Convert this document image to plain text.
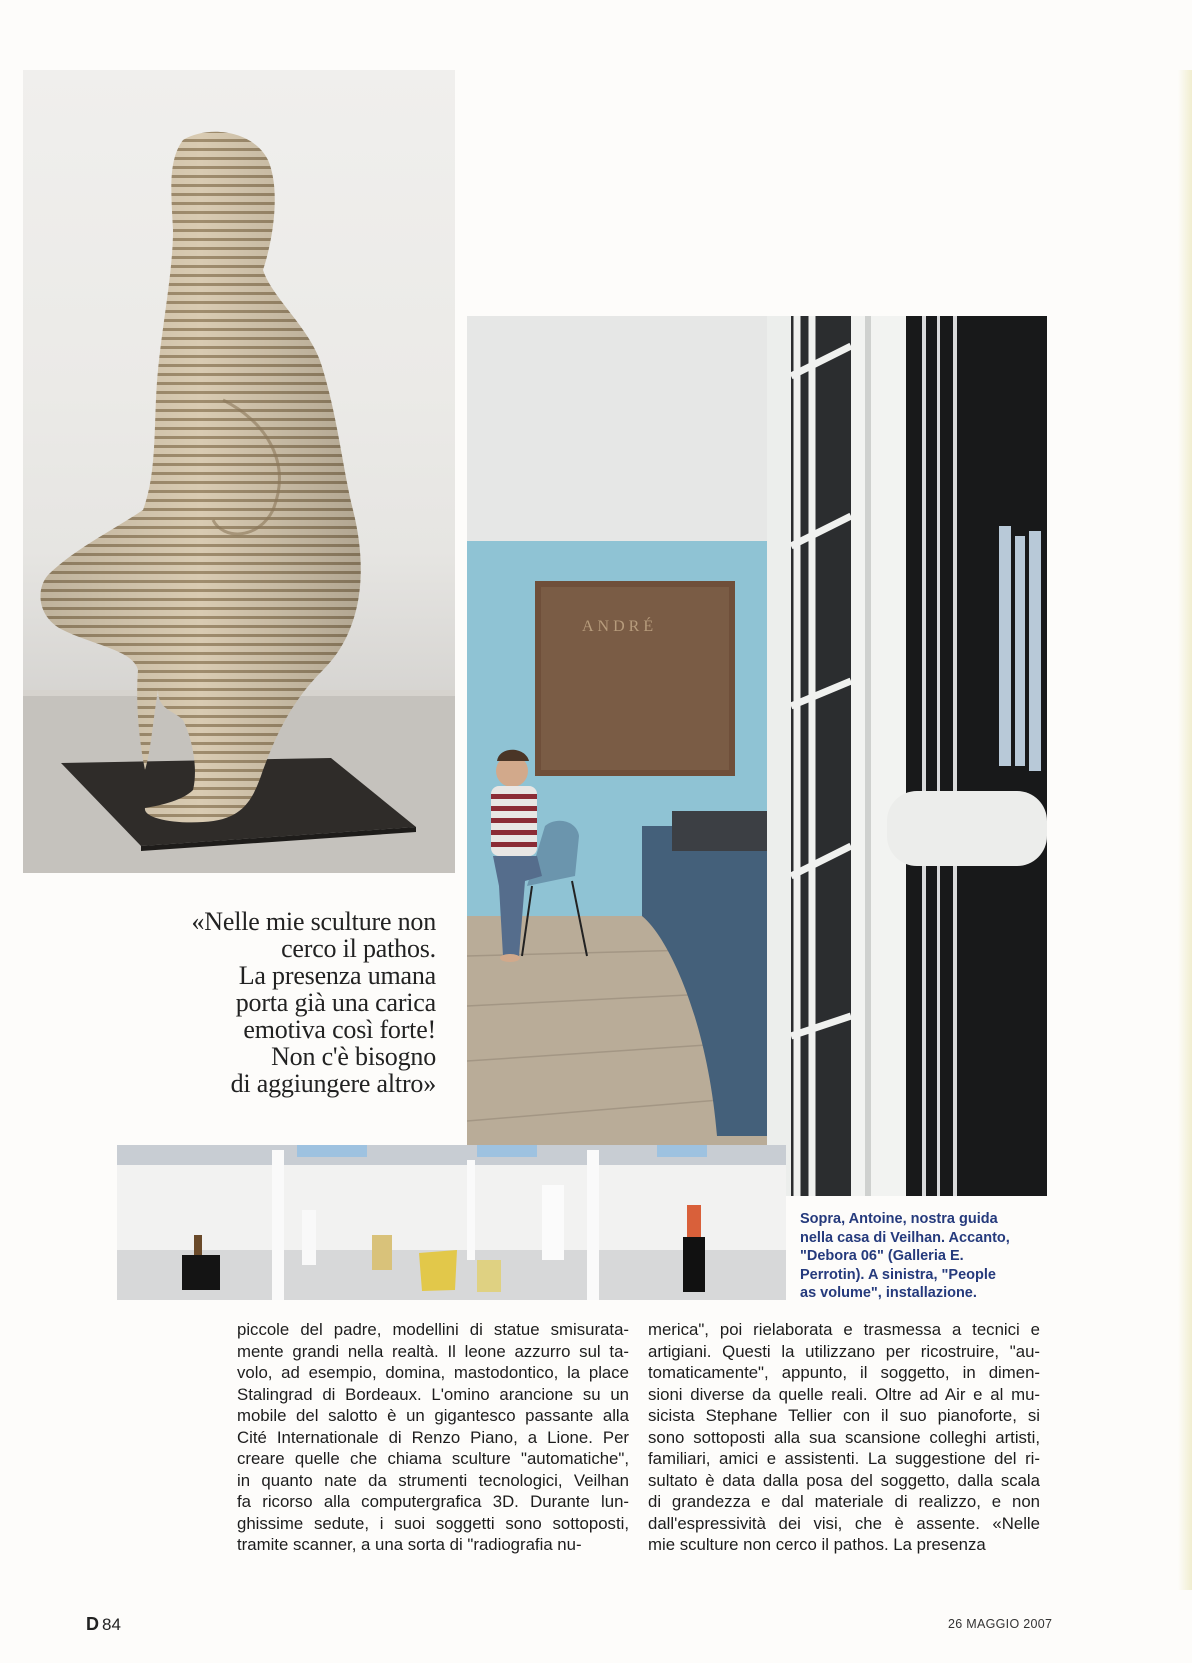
ANDRÉ
«Nelle mie sculture non
cerco il pathos.
La presenza umana
porta già una carica
emotiva così forte!
Non c'è bisogno
di aggiungere altro»
Sopra, Antoine, nostra guida
nella casa di Veilhan. Accanto,
"Debora 06" (Galleria E.
Perrotin). A sinistra, "People
as volume", installazione.
piccole del padre, modellini di statue smisurata-
mente grandi nella realtà. Il leone azzurro sul ta-
volo, ad esempio, domina, mastodontico, la place
Stalingrad di Bordeaux. L'omino arancione su un
mobile del salotto è un gigantesco passante alla
Cité Internationale di Renzo Piano, a Lione. Per
creare quelle che chiama sculture "automatiche",
in quanto nate da strumenti tecnologici, Veilhan
fa ricorso alla computergrafica 3D. Durante lun-
ghissime sedute, i suoi soggetti sono sottoposti,
tramite scanner, a una sorta di "radiografia nu-
merica", poi rielaborata e trasmessa a tecnici e
artigiani. Questi la utilizzano per ricostruire, "au-
tomaticamente", appunto, il soggetto, in dimen-
sioni diverse da quelle reali. Oltre ad Air e al mu-
sicista Stephane Tellier con il suo pianoforte, si
sono sottoposti alla sua scansione colleghi artisti,
familiari, amici e assistenti. La suggestione del ri-
sultato è data dalla posa del soggetto, dalla scala
di grandezza e dal materiale di realizzo, e non
dall'espressività dei visi, che è assente. «Nelle
mie sculture non cerco il pathos. La presenza
D 84	26 MAGGIO 2007
